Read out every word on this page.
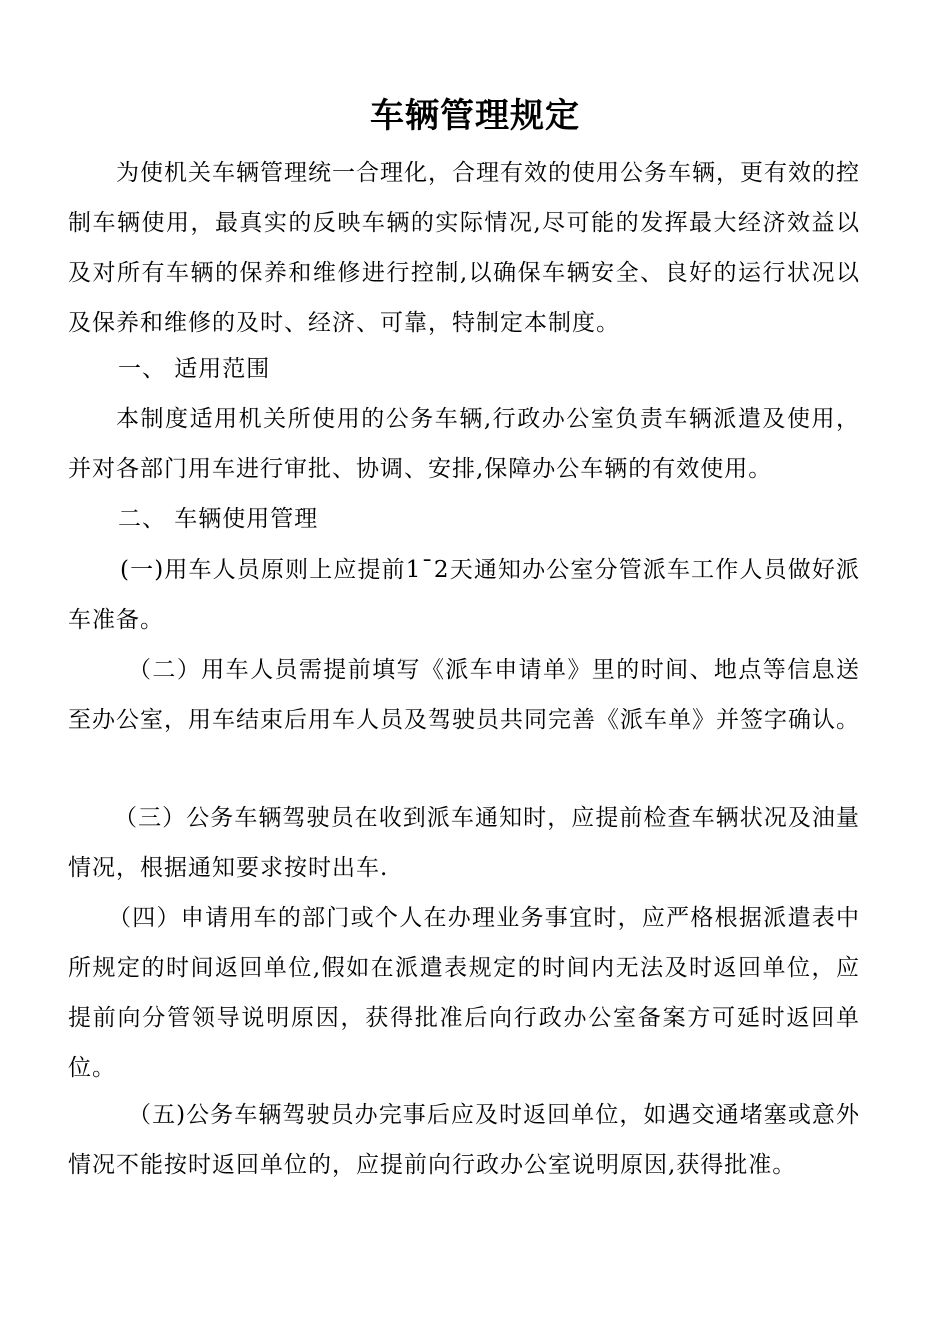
车辆管理规定
为使机关车辆管理统一合理化，合理有效的使用公务车辆，更有效的控制车辆使用，最真实的反映车辆的实际情况,尽可能的发挥最大经济效益以及对所有车辆的保养和维修进行控制,以确保车辆安全、良好的运行状况以及保养和维修的及时、经济、可靠，特制定本制度。
一、 适用范围
本制度适用机关所使用的公务车辆,行政办公室负责车辆派遣及使用，并对各部门用车进行审批、协调、安排,保障办公车辆的有效使用。
二、 车辆使用管理
(一)用车人员原则上应提前1¯2天通知办公室分管派车工作人员做好派车准备。
（二）用车人员需提前填写《派车申请单》里的时间、地点等信息送至办公室，用车结束后用车人员及驾驶员共同完善《派车单》并签字确认。
（三）公务车辆驾驶员在收到派车通知时，应提前检查车辆状况及油量情况，根据通知要求按时出车.
（四）申请用车的部门或个人在办理业务事宜时，应严格根据派遣表中所规定的时间返回单位,假如在派遣表规定的时间内无法及时返回单位，应提前向分管领导说明原因，获得批准后向行政办公室备案方可延时返回单位。
（五)公务车辆驾驶员办完事后应及时返回单位，如遇交通堵塞或意外情况不能按时返回单位的，应提前向行政办公室说明原因,获得批准。
